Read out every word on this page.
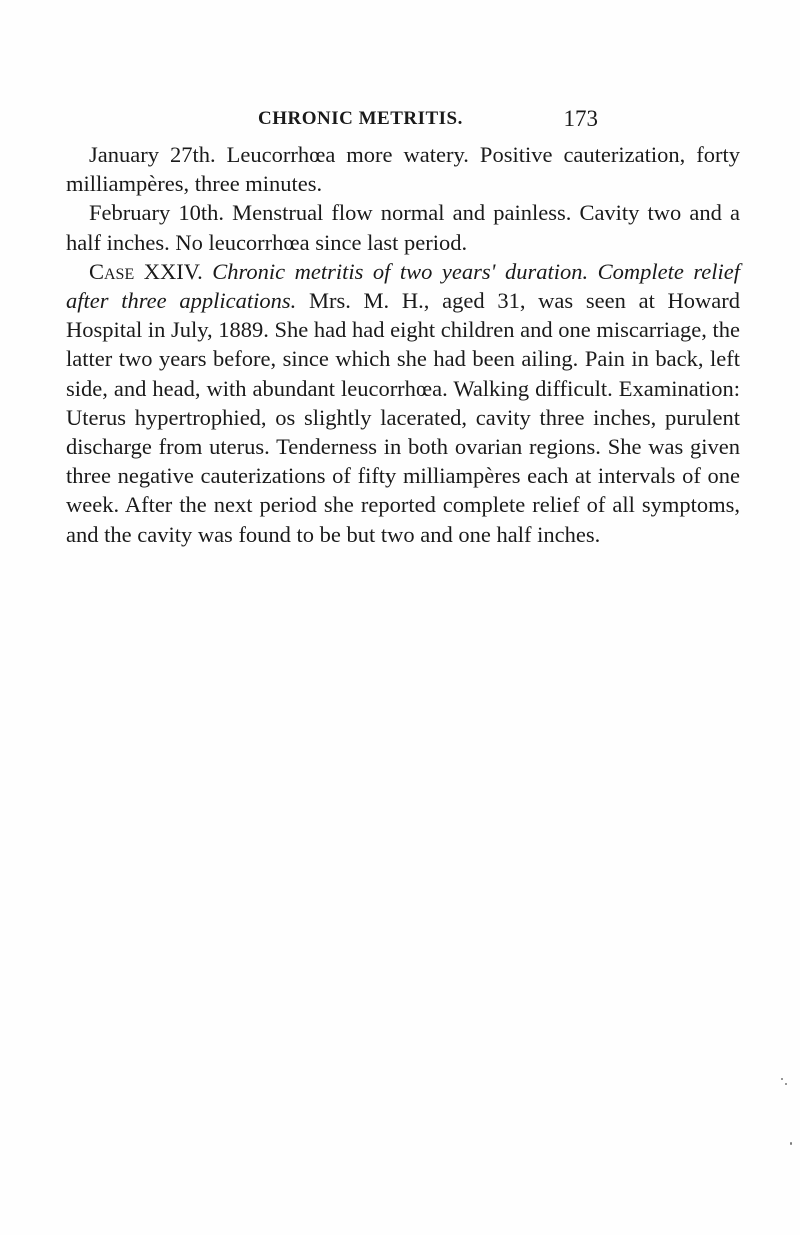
CHRONIC METRITIS.	173

January 27th. Leucorrhœa more watery. Positive cauterization, forty milliampères, three minutes.

February 10th. Menstrual flow normal and painless. Cavity two and a half inches. No leucorrhœa since last period.

Case XXIV. Chronic metritis of two years' duration. Complete relief after three applications. Mrs. M. H., aged 31, was seen at Howard Hospital in July, 1889. She had had eight children and one miscarriage, the latter two years before, since which she had been ailing. Pain in back, left side, and head, with abundant leucorrhœa. Walking difficult. Examination: Uterus hypertrophied, os slightly lacerated, cavity three inches, purulent discharge from uterus. Tenderness in both ovarian regions. She was given three negative cauterizations of fifty milliampères each at intervals of one week. After the next period she reported complete relief of all symptoms, and the cavity was found to be but two and one half inches.
